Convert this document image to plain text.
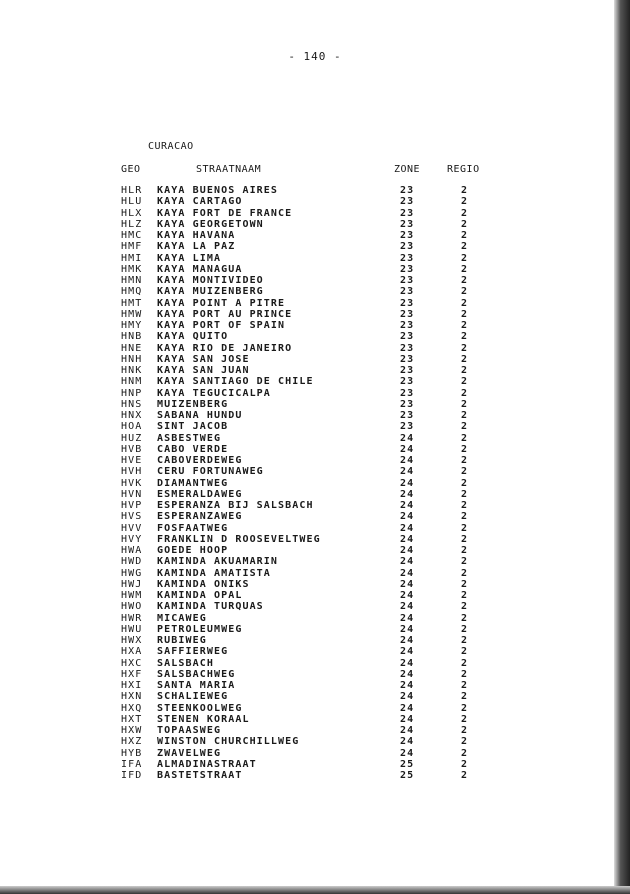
- 140 -
CURACAO
GEO	STRAATNAAM	ZONE	REGIO
HLR KAYA BUENOS AIRES	23	2
HLU KAYA CARTAGO	23	2
HLX KAYA FORT DE FRANCE	23	2
HLZ KAYA GEORGETOWN	23	2
HMC KAYA HAVANA	23	2
HMF KAYA LA PAZ	23	2
HMI KAYA LIMA	23	2
HMK KAYA MANAGUA	23	2
HMN KAYA MONTIVIDEO	23	2
HMQ KAYA MUIZENBERG	23	2
HMT KAYA POINT A PITRE	23	2
HMW KAYA PORT AU PRINCE	23	2
HMY KAYA PORT OF SPAIN	23	2
HNB KAYA QUITO	23	2
HNE KAYA RIO DE JANEIRO	23	2
HNH KAYA SAN JOSE	23	2
HNK KAYA SAN JUAN	23	2
HNM KAYA SANTIAGO DE CHILE	23	2
HNP KAYA TEGUCICALPA	23	2
HNS MUIZENBERG	23	2
HNX SABANA HUNDU	23	2
HOA SINT JACOB	23	2
HUZ ASBESTWEG	24	2
HVB CABO VERDE	24	2
HVE CABOVERDEWEG	24	2
HVH CERU FORTUNAWEG	24	2
HVK DIAMANTWEG	24	2
HVN ESMERALDAWEG	24	2
HVP ESPERANZA BIJ SALSBACH	24	2
HVS ESPERANZAWEG	24	2
HVV FOSFAATWEG	24	2
HVY FRANKLIN D ROOSEVELTWEG	24	2
HWA GOEDE HOOP	24	2
HWD KAMINDA AKUAMARIN	24	2
HWG KAMINDA AMATISTA	24	2
HWJ KAMINDA ONIKS	24	2
HWM KAMINDA OPAL	24	2
HWO KAMINDA TURQUAS	24	2
HWR MICAWEG	24	2
HWU PETROLEUMWEG	24	2
HWX RUBIWEG	24	2
HXA SAFFIERWEG	24	2
HXC SALSBACH	24	2
HXF SALSBACHWEG	24	2
HXI SANTA MARIA	24	2
HXN SCHALIEWEG	24	2
HXQ STEENKOOLWEG	24	2
HXT STENEN KORAAL	24	2
HXW TOPAASWEG	24	2
HXZ WINSTON CHURCHILLWEG	24	2
HYB ZWAVELWEG	24	2
IFA ALMADINASTRAAT	25	2
IFD BASTETSTRAAT	25	2
